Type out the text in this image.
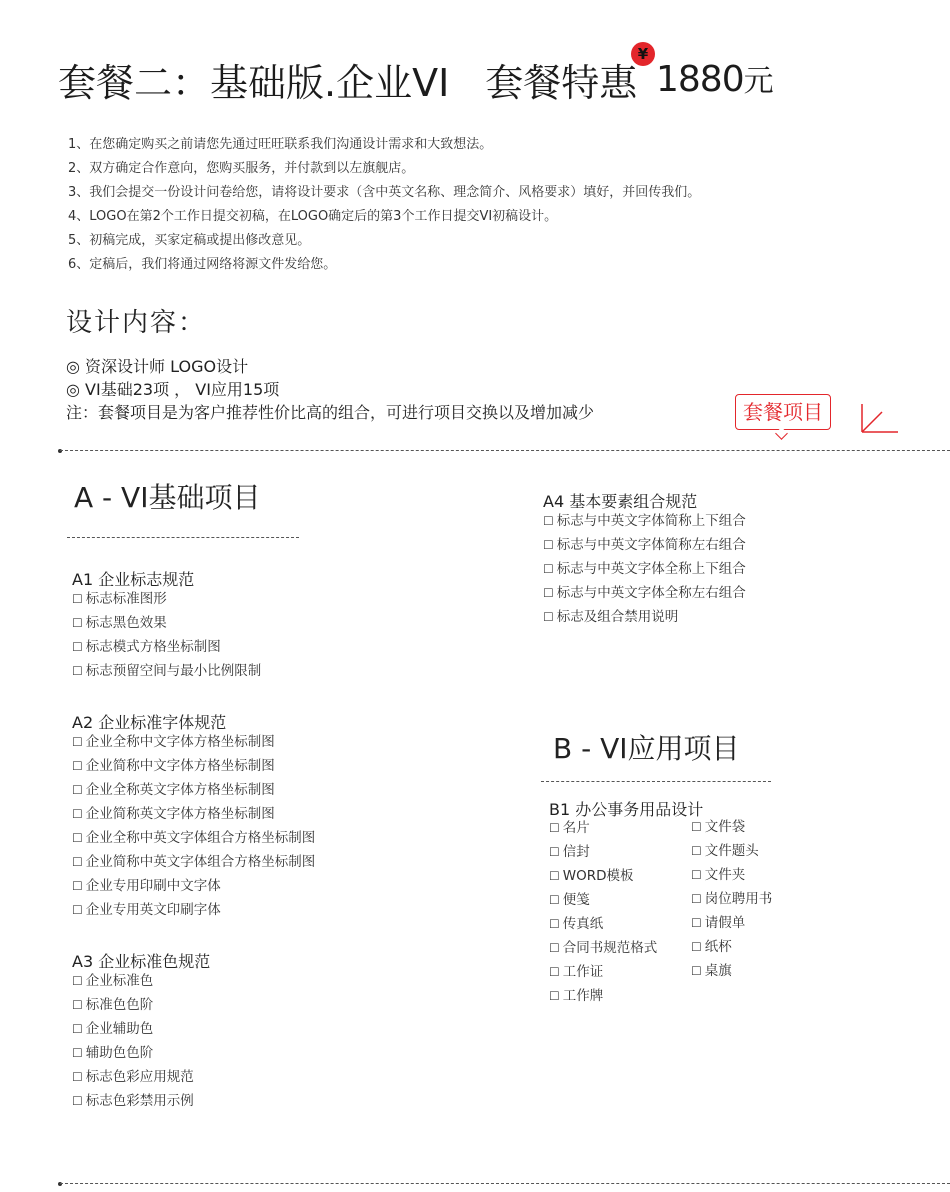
套餐二：基础版.企业VI 套餐特惠
¥
1880元
1、在您确定购买之前请您先通过旺旺联系我们沟通设计需求和大致想法。
2、双方确定合作意向，您购买服务，并付款到以左旗舰店。
3、我们会提交一份设计问卷给您，请将设计要求（含中英文名称、理念简介、风格要求）填好，并回传我们。
4、LOGO在第2个工作日提交初稿，在LOGO确定后的第3个工作日提交VI初稿设计。
5、初稿完成，买家定稿或提出修改意见。
6、定稿后，我们将通过网络将源文件发给您。
设计内容：
◎ 资深设计师 LOGO设计
◎ VI基础23项 ， VI应用15项
注：套餐项目是为客户推荐性价比高的组合，可进行项目交换以及增加减少	套餐项目
A - VI基础项目
A1 企业标志规范
☐ 标志标准图形
☐ 标志黑色效果
☐ 标志模式方格坐标制图
☐ 标志预留空间与最小比例限制
A2 企业标准字体规范
☐ 企业全称中文字体方格坐标制图
☐ 企业简称中文字体方格坐标制图
☐ 企业全称英文字体方格坐标制图
☐ 企业简称英文字体方格坐标制图
☐ 企业全称中英文字体组合方格坐标制图
☐ 企业简称中英文字体组合方格坐标制图
☐ 企业专用印刷中文字体
☐ 企业专用英文印刷字体
A3 企业标准色规范
☐ 企业标准色
☐ 标准色色阶
☐ 企业辅助色
☐ 辅助色色阶
☐ 标志色彩应用规范
☐ 标志色彩禁用示例
A4 基本要素组合规范
☐ 标志与中英文字体简称上下组合
☐ 标志与中英文字体简称左右组合
☐ 标志与中英文字体全称上下组合
☐ 标志与中英文字体全称左右组合
☐ 标志及组合禁用说明
B - VI应用项目
B1 办公事务用品设计
☐ 名片
☐ 信封
☐ WORD模板
☐ 便笺
☐ 传真纸
☐ 合同书规范格式
☐ 工作证
☐ 工作牌
☐ 文件袋
☐ 文件题头
☐ 文件夹
☐ 岗位聘用书
☐ 请假单
☐ 纸杯
☐ 桌旗
